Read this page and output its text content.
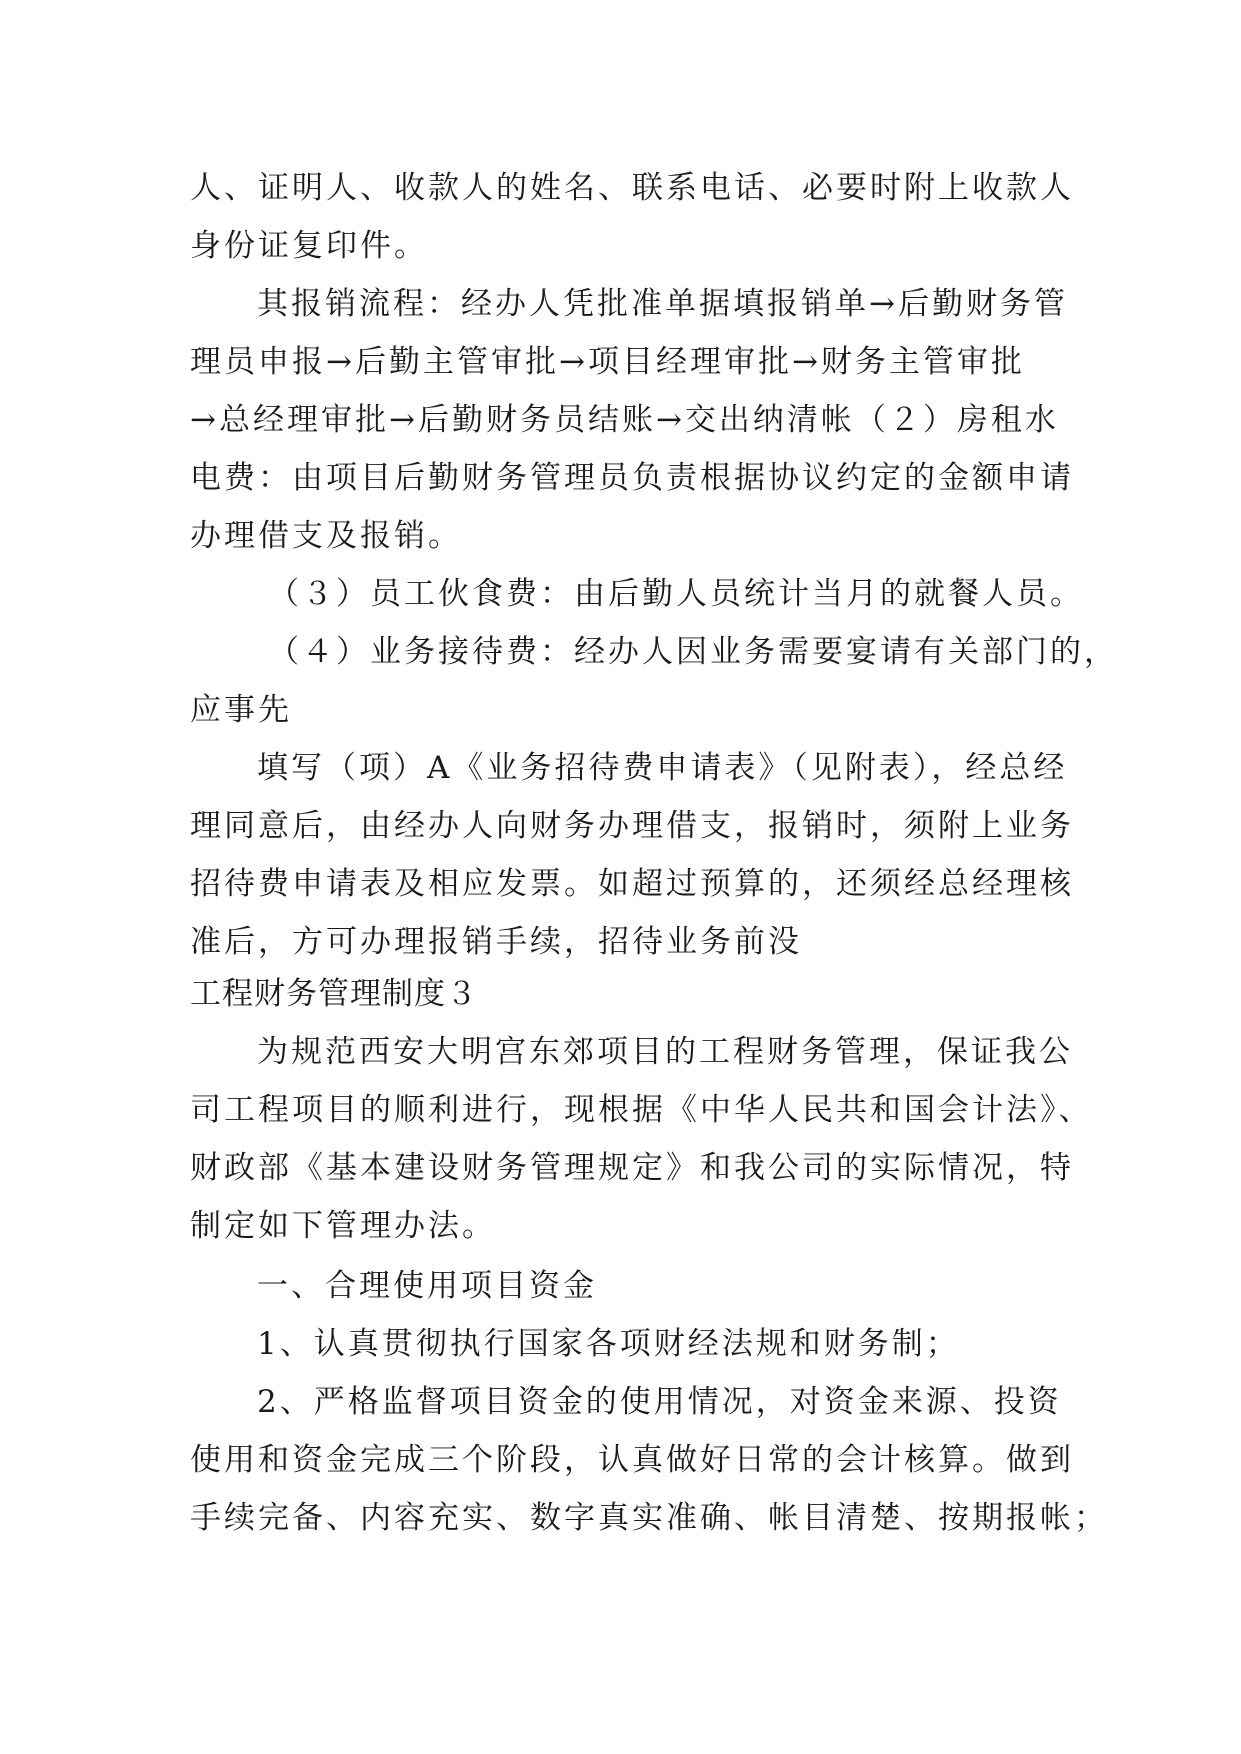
人、证明人、收款人的姓名、联系电话、必要时附上收款人
身份证复印件。
其报销流程：经办人凭批准单据填报销单→后勤财务管
理员申报→后勤主管审批→项目经理审批→财务主管审批
→总经理审批→后勤财务员结账→交出纳清帐（２）房租水
电费：由项目后勤财务管理员负责根据协议约定的金额申请
办理借支及报销。
（３）员工伙食费：由后勤人员统计当月的就餐人员。
（４）业务接待费：经办人因业务需要宴请有关部门的，
应事先
填写（项）A《业务招待费申请表》（见附表），经总经
理同意后，由经办人向财务办理借支，报销时，须附上业务
招待费申请表及相应发票。如超过预算的，还须经总经理核
准后，方可办理报销手续，招待业务前没
工程财务管理制度３
为规范西安大明宫东郊项目的工程财务管理，保证我公
司工程项目的顺利进行，现根据《中华人民共和国会计法》、
财政部《基本建设财务管理规定》和我公司的实际情况，特
制定如下管理办法。
一、合理使用项目资金
1、认真贯彻执行国家各项财经法规和财务制；
2、严格监督项目资金的使用情况，对资金来源、投资
使用和资金完成三个阶段，认真做好日常的会计核算。做到
手续完备、内容充实、数字真实准确、帐目清楚、按期报帐；
